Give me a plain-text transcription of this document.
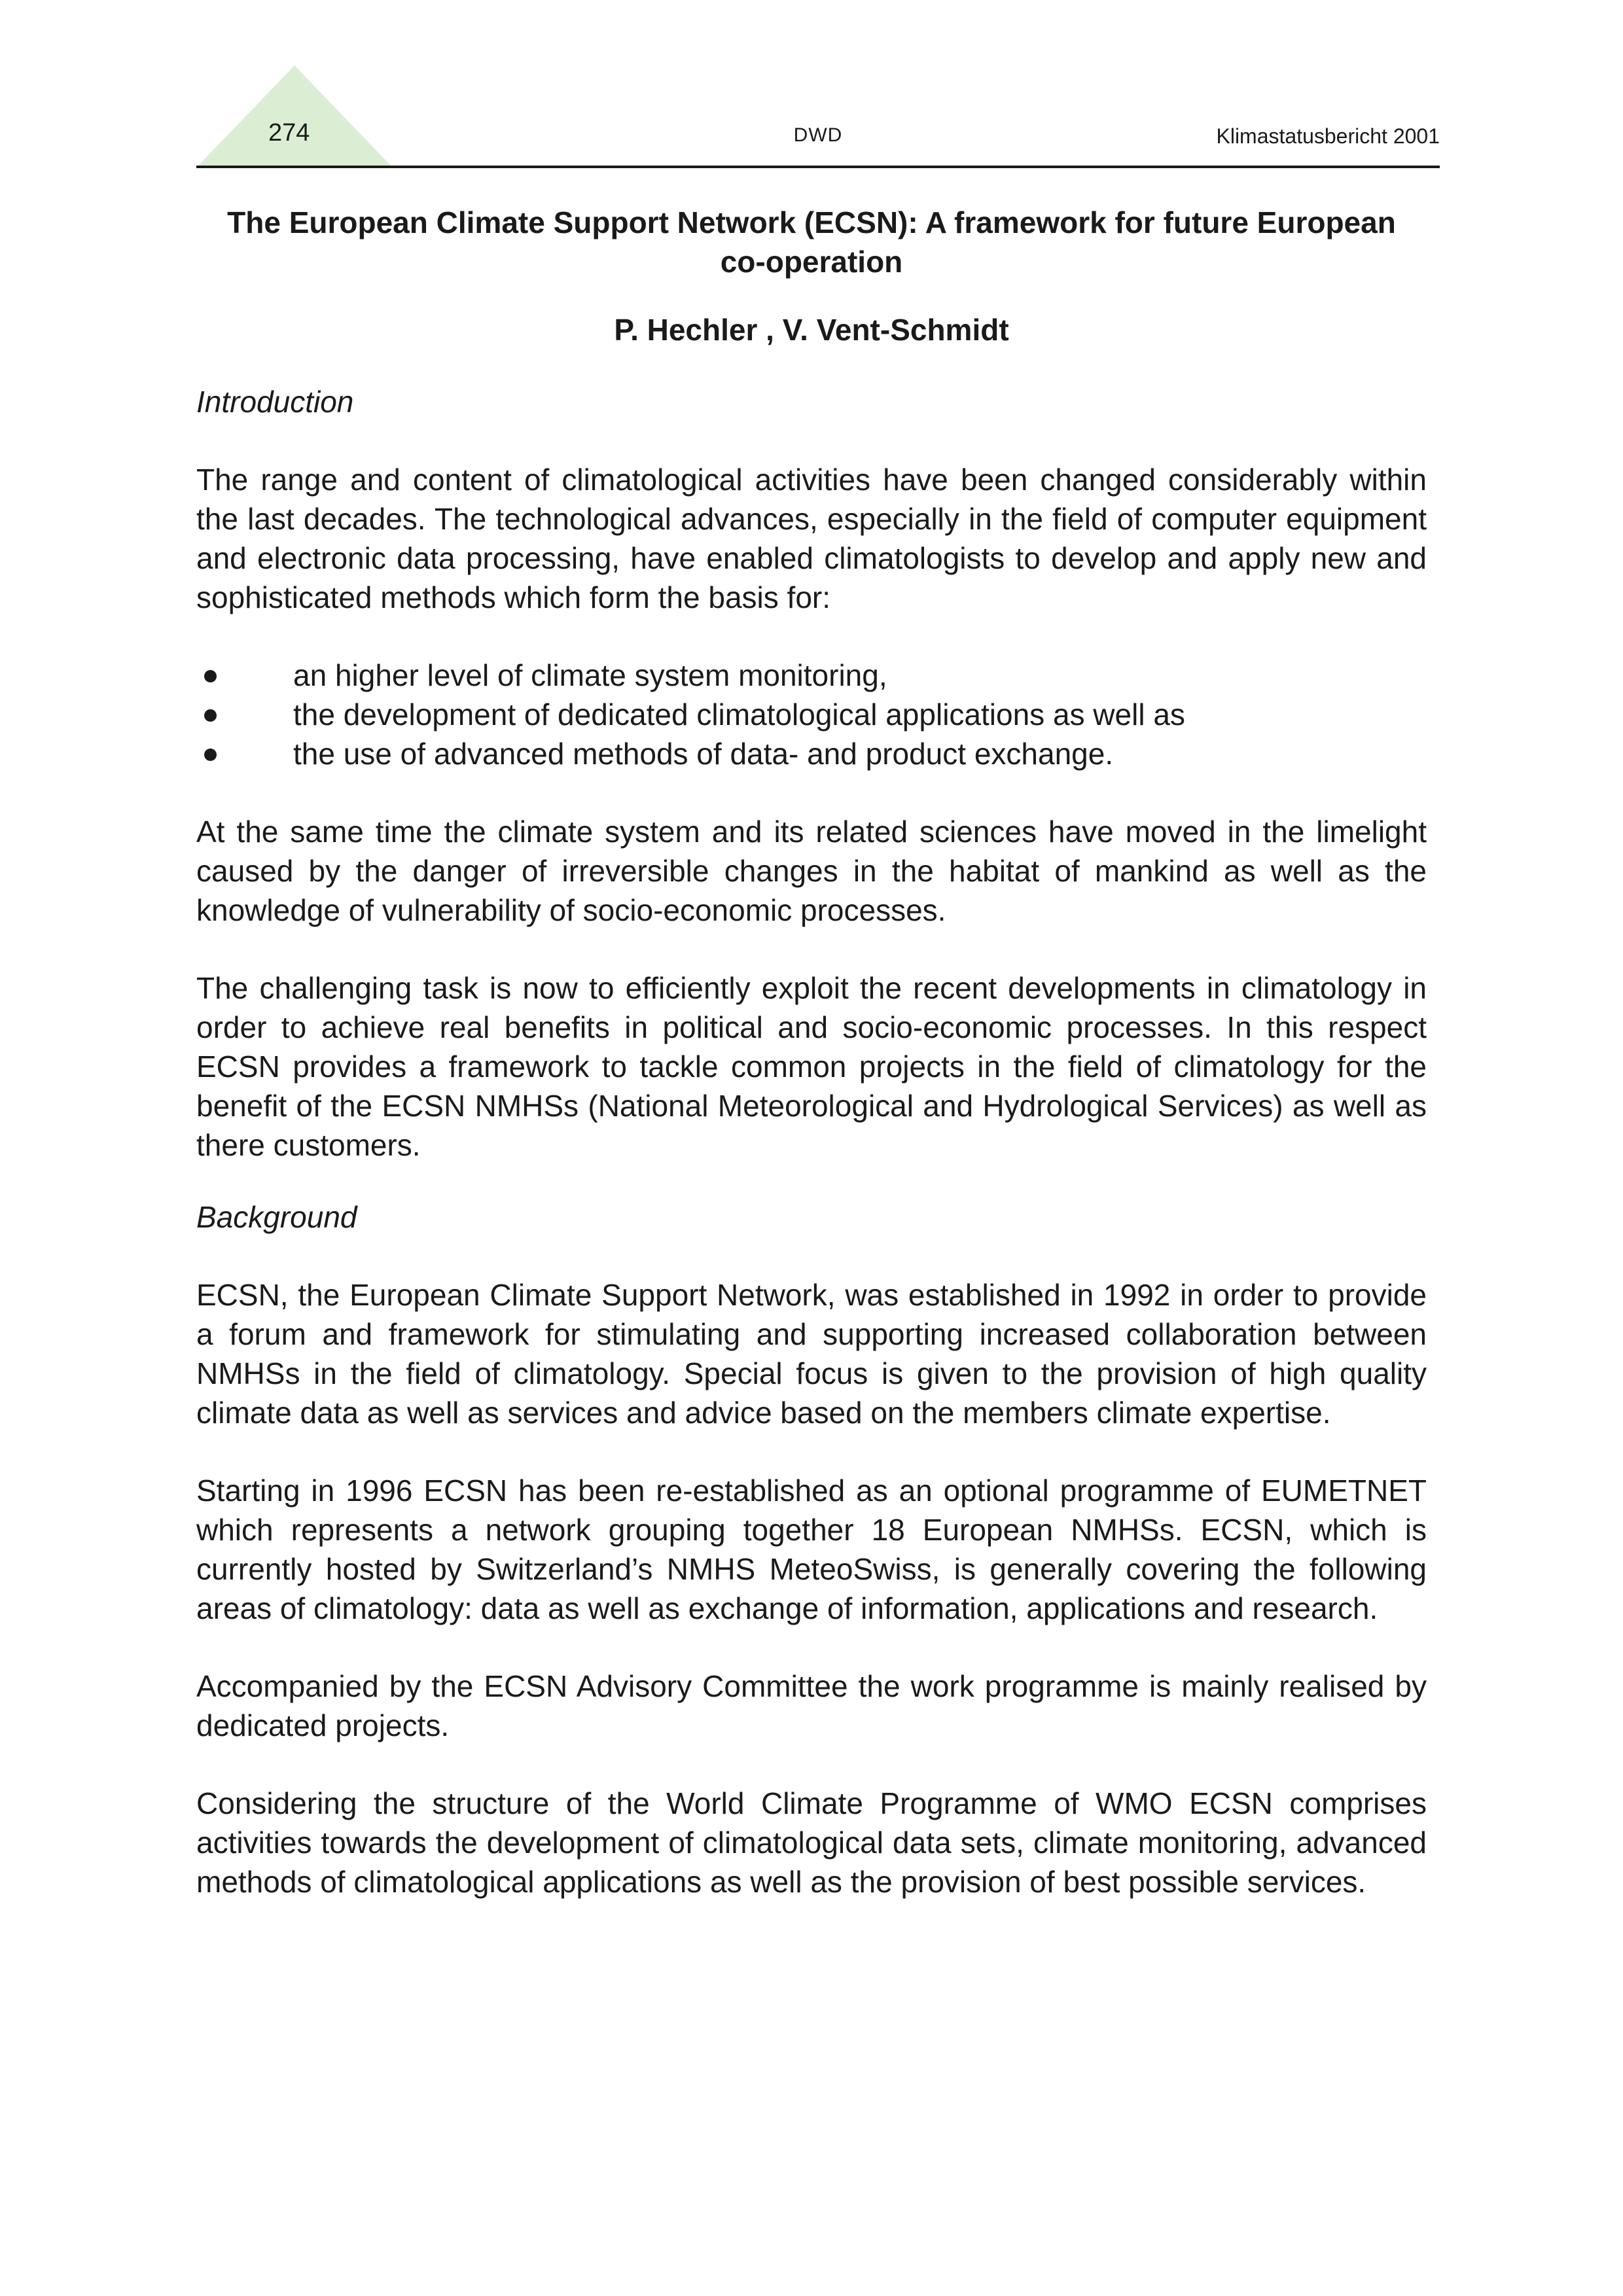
274	DWD	Klimastatusbericht 2001
The European Climate Support Network (ECSN): A framework for future European co-operation
P. Hechler , V. Vent-Schmidt
Introduction

The range and content of climatological activities have been changed considerably within the last decades. The technological advances, especially in the field of computer equipment and electronic data processing, have enabled climatologists to develop and apply new and sophisticated methods which form the basis for:

an higher level of climate system monitoring,
the development of dedicated climatological applications as well as
the use of advanced methods of data- and product exchange.

At the same time the climate system and its related sciences have moved in the limelight caused by the danger of irreversible changes in the habitat of mankind as well as the knowledge of vulnerability of socio-economic processes.

The challenging task is now to efficiently exploit the recent developments in climatology in order to achieve real benefits in political and socio-economic processes. In this respect ECSN provides a framework to tackle common projects in the field of climatology for the benefit of the ECSN NMHSs (National Meteorological and Hydrological Services) as well as there customers.

Background

ECSN, the European Climate Support Network, was established in 1992 in order to provide a forum and framework for stimulating and supporting increased collaboration between NMHSs in the field of climatology. Special focus is given to the provision of high quality climate data as well as services and advice based on the members climate expertise.

Starting in 1996 ECSN has been re-established as an optional programme of EUMETNET which represents a network grouping together 18 European NMHSs. ECSN, which is currently hosted by Switzerland’s NMHS MeteoSwiss, is generally covering the following areas of climatology: data as well as exchange of information, applications and research.

Accompanied by the ECSN Advisory Committee the work programme is mainly realised by dedicated projects.

Considering the structure of the World Climate Programme of WMO ECSN comprises activities towards the development of climatological data sets, climate monitoring, advanced methods of climatological applications as well as the provision of best possible services.
